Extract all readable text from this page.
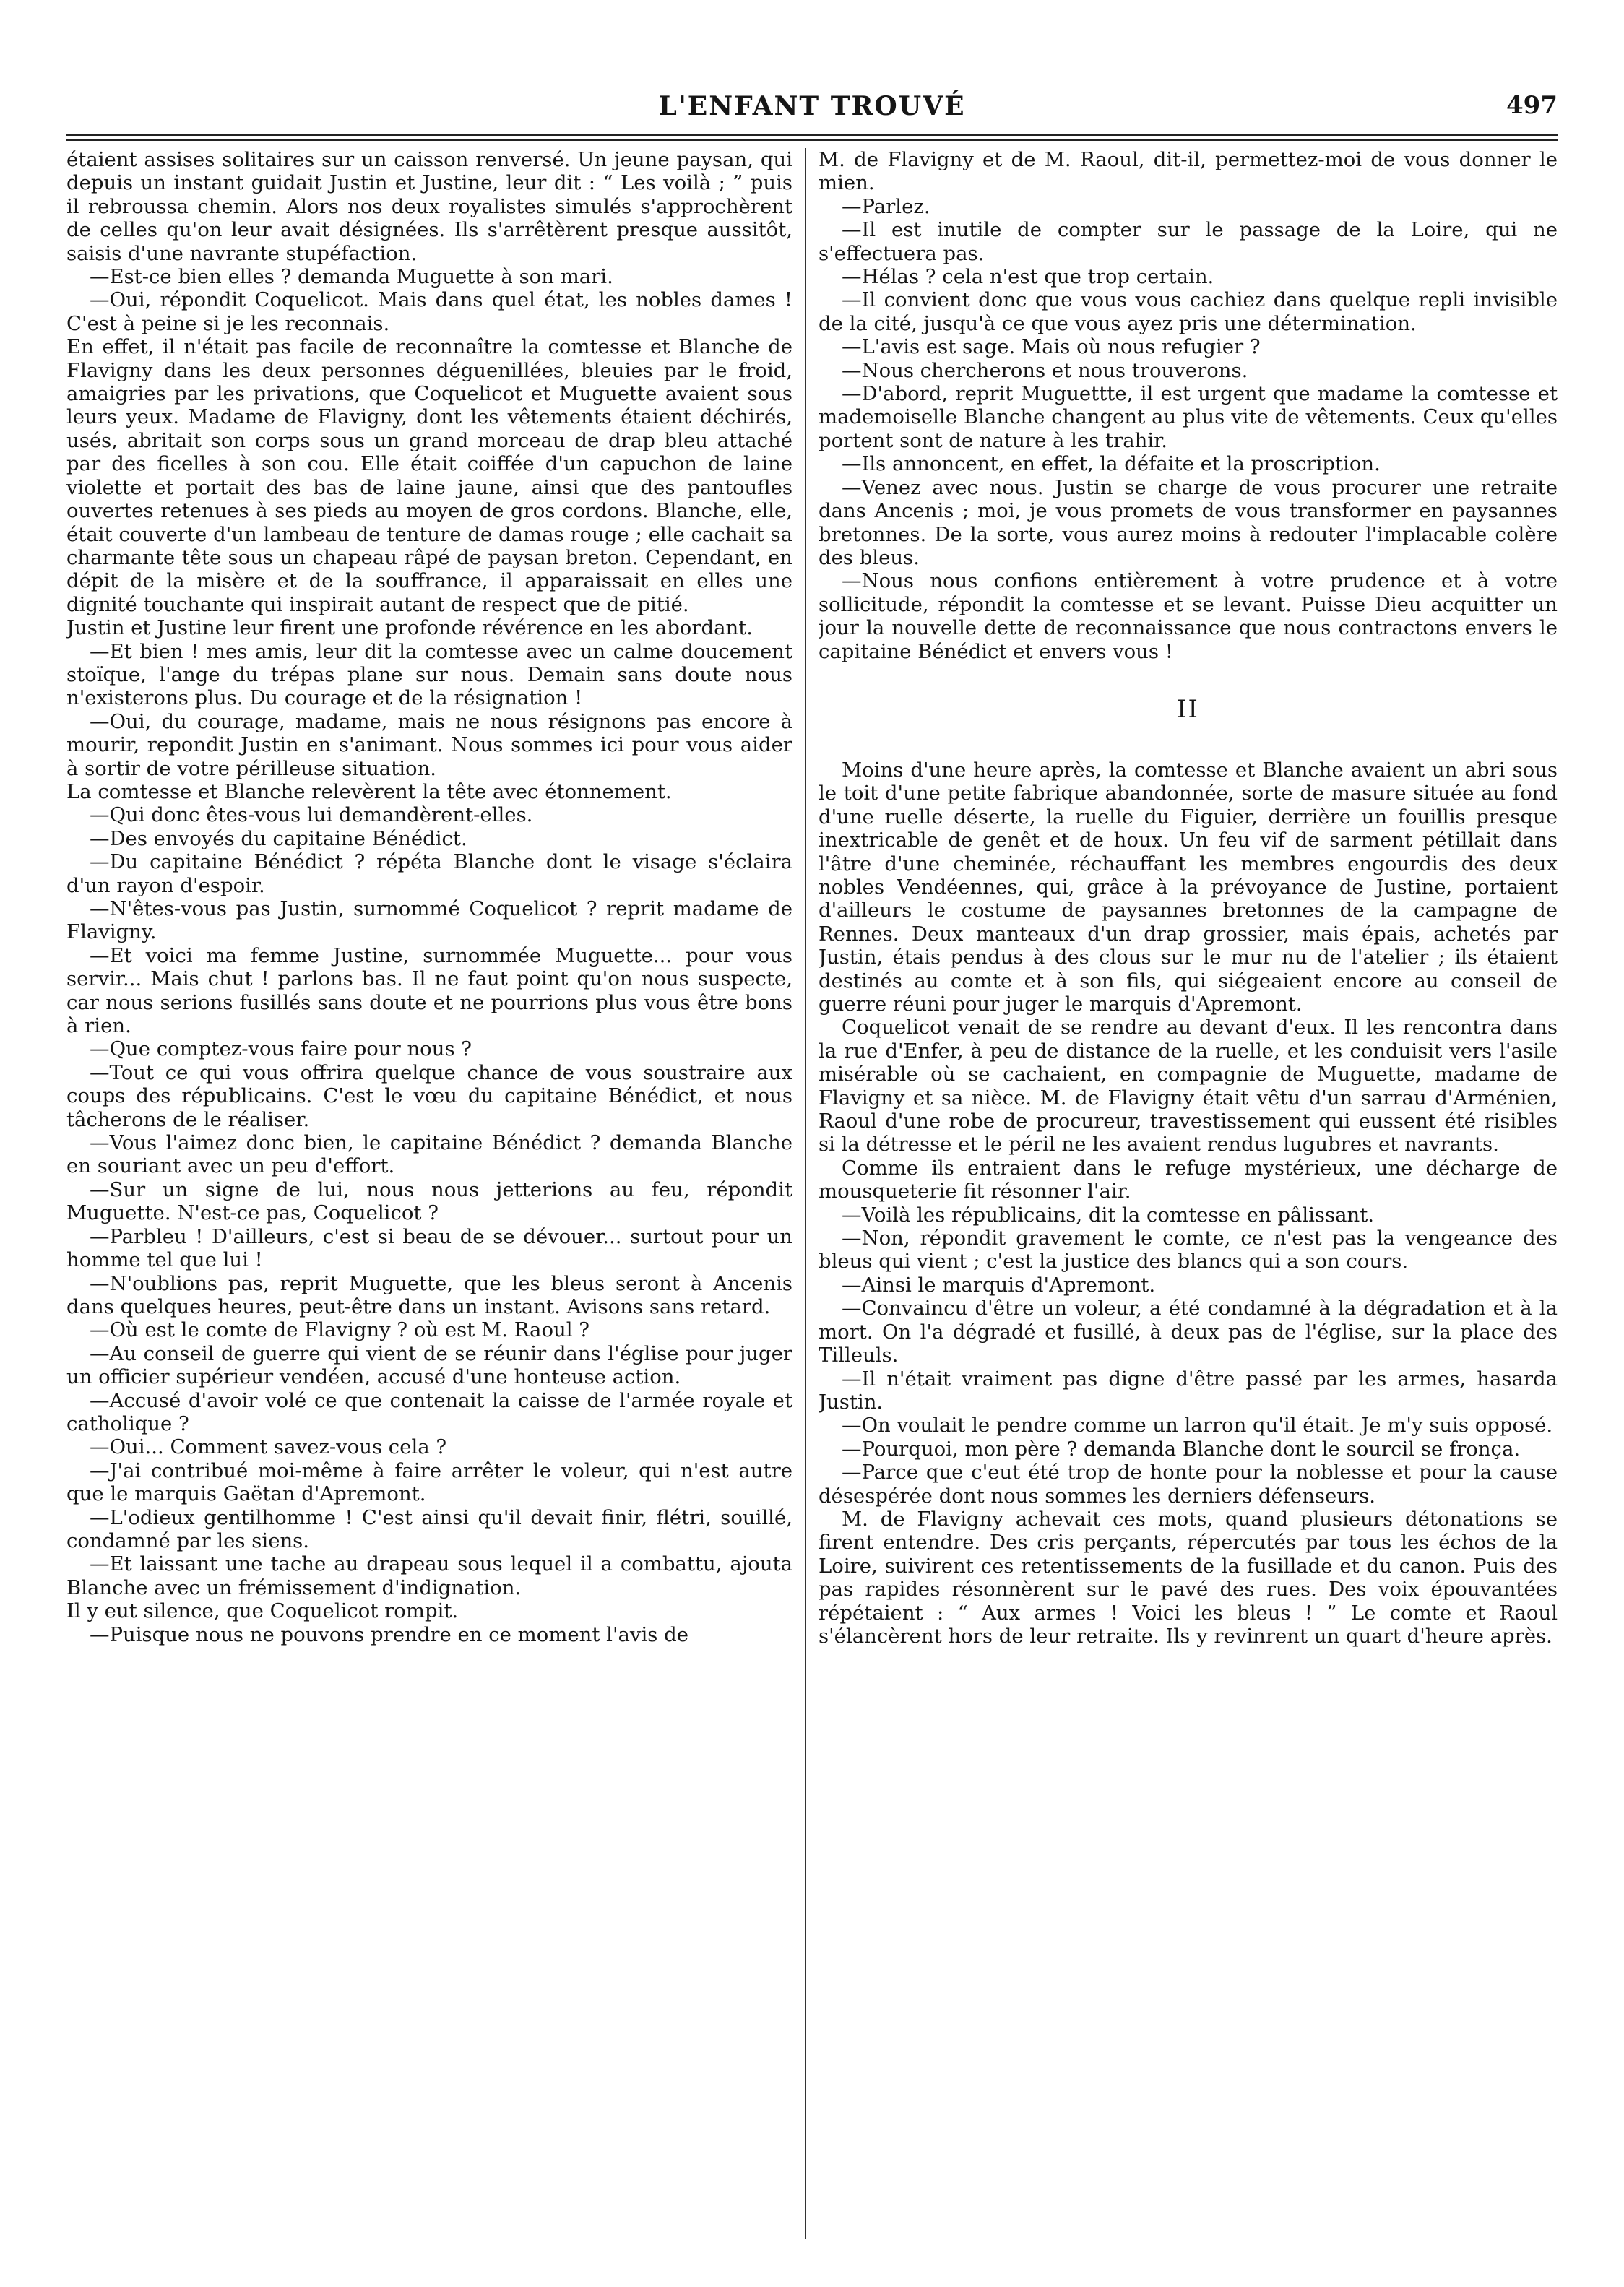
L'ENFANT TROUVÉ	497

étaient assises solitaires sur un caisson renversé. Un jeune paysan, qui depuis un instant guidait Justin et Justine, leur dit : “ Les voilà ; ” puis il rebroussa chemin. Alors nos deux royalistes simulés s'approchèrent de celles qu'on leur avait désignées. Ils s'arrêtèrent presque aussitôt, saisis d'une navrante stupéfaction.

—Est-ce bien elles ? demanda Muguette à son mari.

—Oui, répondit Coquelicot. Mais dans quel état, les nobles dames ! C'est à peine si je les reconnais.

En effet, il n'était pas facile de reconnaître la comtesse et Blanche de Flavigny dans les deux personnes déguenillées, bleuies par le froid, amaigries par les privations, que Coquelicot et Muguette avaient sous leurs yeux. Madame de Flavigny, dont les vêtements étaient déchirés, usés, abritait son corps sous un grand morceau de drap bleu attaché par des ficelles à son cou. Elle était coiffée d'un capuchon de laine violette et portait des bas de laine jaune, ainsi que des pantoufles ouvertes retenues à ses pieds au moyen de gros cordons. Blanche, elle, était couverte d'un lambeau de tenture de damas rouge ; elle cachait sa charmante tête sous un chapeau râpé de paysan breton. Cependant, en dépit de la misère et de la souffrance, il apparaissait en elles une dignité touchante qui inspirait autant de respect que de pitié.

Justin et Justine leur firent une profonde révérence en les abordant.

—Et bien ! mes amis, leur dit la comtesse avec un calme doucement stoïque, l'ange du trépas plane sur nous. Demain sans doute nous n'existerons plus. Du courage et de la résignation !

—Oui, du courage, madame, mais ne nous résignons pas encore à mourir, repondit Justin en s'animant. Nous sommes ici pour vous aider à sortir de votre périlleuse situation.

La comtesse et Blanche relevèrent la tête avec étonnement.

—Qui donc êtes-vous lui demandèrent-elles.

—Des envoyés du capitaine Bénédict.

—Du capitaine Bénédict ? répéta Blanche dont le visage s'éclaira d'un rayon d'espoir.

—N'êtes-vous pas Justin, surnommé Coquelicot ? reprit madame de Flavigny.

—Et voici ma femme Justine, surnommée Muguette... pour vous servir... Mais chut ! parlons bas. Il ne faut point qu'on nous suspecte, car nous serions fusillés sans doute et ne pourrions plus vous être bons à rien.

—Que comptez-vous faire pour nous ?

—Tout ce qui vous offrira quelque chance de vous soustraire aux coups des républicains. C'est le vœu du capitaine Bénédict, et nous tâcherons de le réaliser.

—Vous l'aimez donc bien, le capitaine Bénédict ? demanda Blanche en souriant avec un peu d'effort.

—Sur un signe de lui, nous nous jetterions au feu, répondit Muguette. N'est-ce pas, Coquelicot ?

—Parbleu ! D'ailleurs, c'est si beau de se dévouer... surtout pour un homme tel que lui !

—N'oublions pas, reprit Muguette, que les bleus seront à Ancenis dans quelques heures, peut-être dans un instant. Avisons sans retard.

—Où est le comte de Flavigny ? où est M. Raoul ?

—Au conseil de guerre qui vient de se réunir dans l'église pour juger un officier supérieur vendéen, accusé d'une honteuse action.

—Accusé d'avoir volé ce que contenait la caisse de l'armée royale et catholique ?

—Oui... Comment savez-vous cela ?

—J'ai contribué moi-même à faire arrêter le voleur, qui n'est autre que le marquis Gaëtan d'Apremont.

—L'odieux gentilhomme ! C'est ainsi qu'il devait finir, flétri, souillé, condamné par les siens.

—Et laissant une tache au drapeau sous lequel il a combattu, ajouta Blanche avec un frémissement d'indignation.

Il y eut silence, que Coquelicot rompit.

—Puisque nous ne pouvons prendre en ce moment l'avis de

M. de Flavigny et de M. Raoul, dit-il, permettez-moi de vous donner le mien.

—Parlez.

—Il est inutile de compter sur le passage de la Loire, qui ne s'effectuera pas.

—Hélas ? cela n'est que trop certain.

—Il convient donc que vous vous cachiez dans quelque repli invisible de la cité, jusqu'à ce que vous ayez pris une détermination.

—L'avis est sage. Mais où nous refugier ?

—Nous chercherons et nous trouverons.

—D'abord, reprit Muguettte, il est urgent que madame la comtesse et mademoiselle Blanche changent au plus vite de vêtements. Ceux qu'elles portent sont de nature à les trahir.

—Ils annoncent, en effet, la défaite et la proscription.

—Venez avec nous. Justin se charge de vous procurer une retraite dans Ancenis ; moi, je vous promets de vous transformer en paysannes bretonnes. De la sorte, vous aurez moins à redouter l'implacable colère des bleus.

—Nous nous confions entièrement à votre prudence et à votre sollicitude, répondit la comtesse et se levant. Puisse Dieu acquitter un jour la nouvelle dette de reconnaissance que nous contractons envers le capitaine Bénédict et envers vous !

II

Moins d'une heure après, la comtesse et Blanche avaient un abri sous le toit d'une petite fabrique abandonnée, sorte de masure située au fond d'une ruelle déserte, la ruelle du Figuier, derrière un fouillis presque inextricable de genêt et de houx. Un feu vif de sarment pétillait dans l'âtre d'une cheminée, réchauffant les membres engourdis des deux nobles Vendéennes, qui, grâce à la prévoyance de Justine, portaient d'ailleurs le costume de paysannes bretonnes de la campagne de Rennes. Deux manteaux d'un drap grossier, mais épais, achetés par Justin, étais pendus à des clous sur le mur nu de l'atelier ; ils étaient destinés au comte et à son fils, qui siégeaient encore au conseil de guerre réuni pour juger le marquis d'Apremont.

Coquelicot venait de se rendre au devant d'eux. Il les rencontra dans la rue d'Enfer, à peu de distance de la ruelle, et les conduisit vers l'asile misérable où se cachaient, en compagnie de Muguette, madame de Flavigny et sa nièce. M. de Flavigny était vêtu d'un sarrau d'Arménien, Raoul d'une robe de procureur, travestissement qui eussent été risibles si la détresse et le péril ne les avaient rendus lugubres et navrants.

Comme ils entraient dans le refuge mystérieux, une décharge de mousqueterie fit résonner l'air.

—Voilà les républicains, dit la comtesse en pâlissant.

—Non, répondit gravement le comte, ce n'est pas la vengeance des bleus qui vient ; c'est la justice des blancs qui a son cours.

—Ainsi le marquis d'Apremont.

—Convaincu d'être un voleur, a été condamné à la dégradation et à la mort. On l'a dégradé et fusillé, à deux pas de l'église, sur la place des Tilleuls.

—Il n'était vraiment pas digne d'être passé par les armes, hasarda Justin.

—On voulait le pendre comme un larron qu'il était. Je m'y suis opposé.

—Pourquoi, mon père ? demanda Blanche dont le sourcil se fronça.

—Parce que c'eut été trop de honte pour la noblesse et pour la cause désespérée dont nous sommes les derniers défenseurs.

M. de Flavigny achevait ces mots, quand plusieurs détonations se firent entendre. Des cris perçants, répercutés par tous les échos de la Loire, suivirent ces retentissements de la fusillade et du canon. Puis des pas rapides résonnèrent sur le pavé des rues. Des voix épouvantées répétaient : “ Aux armes ! Voici les bleus ! ” Le comte et Raoul s'élancèrent hors de leur retraite. Ils y revinrent un quart d'heure après.
